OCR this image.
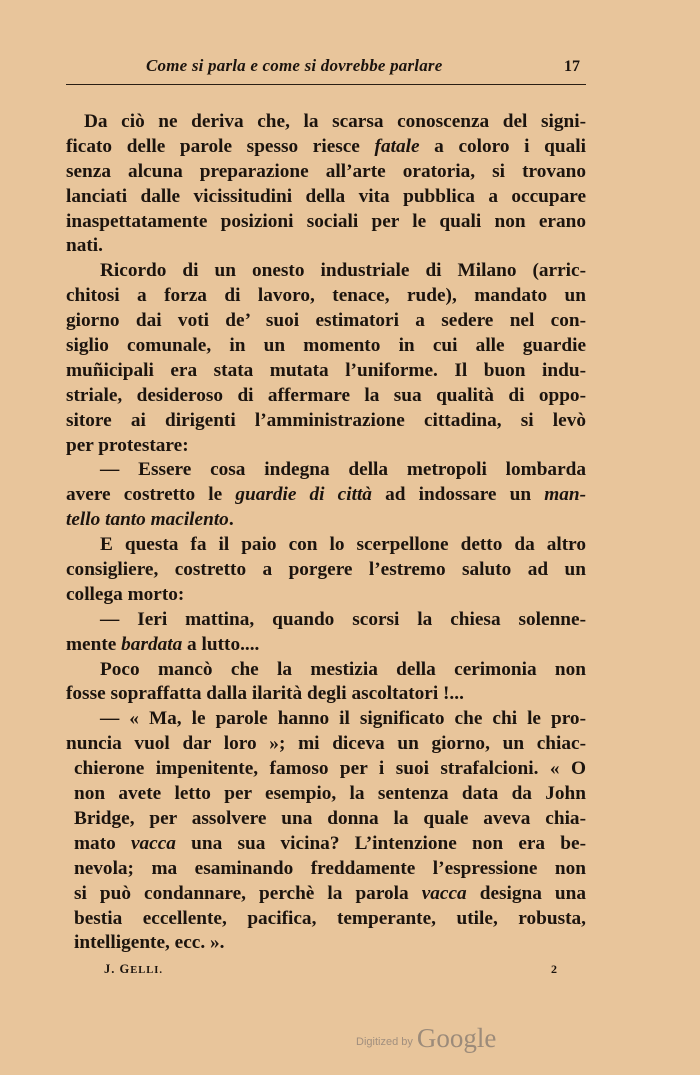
Come si parla e come si dovrebbe parlare	17
Da ciò ne deriva che, la scarsa conoscenza del signi-
ficato delle parole spesso riesce fatale a coloro i quali
senza alcuna preparazione all’arte oratoria, si trovano
lanciati dalle vicissitudini della vita pubblica a occupare
inaspettatamente posizioni sociali per le quali non erano
nati.
Ricordo di un onesto industriale di Milano (arric-
chitosi a forza di lavoro, tenace, rude), mandato un
giorno dai voti de’ suoi estimatori a sedere nel con-
siglio comunale, in un momento in cui alle guardie
muñicipali era stata mutata l’uniforme. Il buon indu-
striale, desideroso di affermare la sua qualità di oppo-
sitore ai dirigenti l’amministrazione cittadina, si levò
per protestare:
— Essere cosa indegna della metropoli lombarda
avere costretto le guardie di città ad indossare un man-
tello tanto macilento.
E questa fa il paio con lo scerpellone detto da altro
consigliere, costretto a porgere l’estremo saluto ad un
collega morto:
— Ieri mattina, quando scorsi la chiesa solenne-
mente bardata a lutto....
Poco mancò che la mestizia della cerimonia non
fosse sopraffatta dalla ilarità degli ascoltatori !...
— « Ma, le parole hanno il significato che chi le pro-
nuncia vuol dar loro »; mi diceva un giorno, un chiac-
chierone impenitente, famoso per i suoi strafalcioni. « O
non avete letto per esempio, la sentenza data da John
Bridge, per assolvere una donna la quale aveva chia-
mato vacca una sua vicina? L’intenzione non era be-
nevola; ma esaminando freddamente l’espressione non
si può condannare, perchè la parola vacca designa una
bestia eccellente, pacifica, temperante, utile, robusta,
intelligente, ecc. ».
J. GELLI.	2
Digitized by Google
